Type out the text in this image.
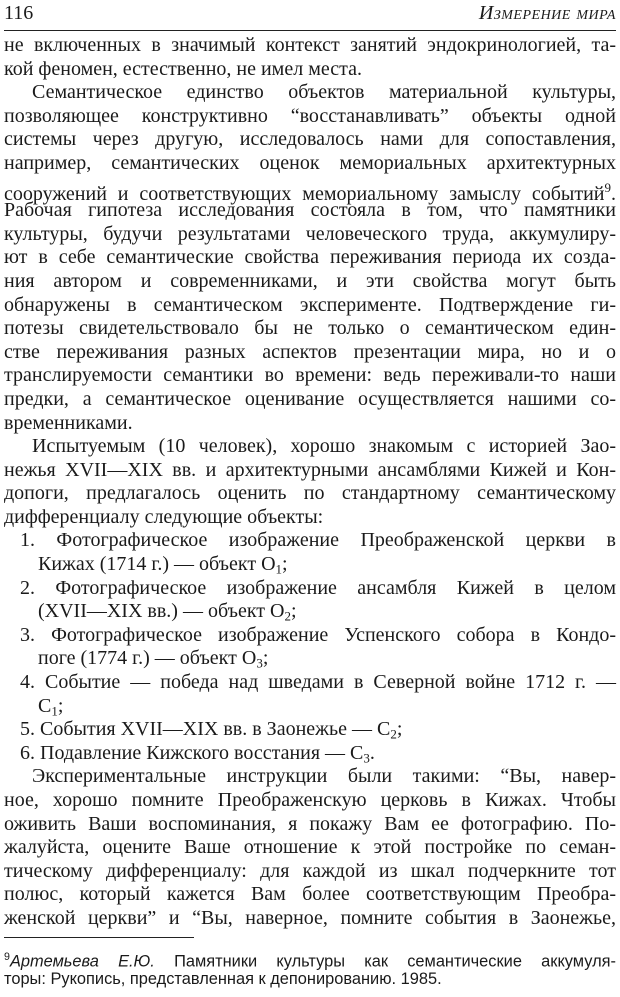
116	Измерение мира
не включенных в значимый контекст занятий эндокринологией, та-
кой феномен, естественно, не имел места.
Семантическое единство объектов материальной культуры,
позволяющее конструктивно “восстанавливать” объекты одной
системы через другую, исследовалось нами для сопоставления,
например, семантических оценок мемориальных архитектурных
сооружений и соответствующих мемориальному замыслу событий$^9$.
Рабочая гипотеза исследования состояла в том, что памятники
культуры, будучи результатами человеческого труда, аккумулиру-
ют в себе семантические свойства переживания периода их созда-
ния автором и современниками, и эти свойства могут быть
обнаружены в семантическом эксперименте. Подтверждение ги-
потезы свидетельствовало бы не только о семантическом един-
стве переживания разных аспектов презентации мира, но и о
транслируемости семантики во времени: ведь переживали-то наши
предки, а семантическое оценивание осуществляется нашими со-
временниками.
Испытуемым (10 человек), хорошо знакомым с историей Зао-
нежья XVII—XIX вв. и архитектурными ансамблями Кижей и Кон-
допоги, предлагалось оценить по стандартному семантическому
дифференциалу следующие объекты:
1. Фотографическое изображение Преображенской церкви в
Кижах (1714 г.) — объект $O_1$;
2. Фотографическое изображение ансамбля Кижей в целом
(XVII—XIX вв.) — объект $O_2$;
3. Фотографическое изображение Успенского собора в Кондо-
поге (1774 г.) — объект $O_3$;
4. Событие — победа над шведами в Северной войне 1712 г. —
$C_1$;
5. События XVII—XIX вв. в Заонежье — $C_2$;
6. Подавление Кижского восстания — $C_3$.
Экспериментальные инструкции были такими: “Вы, навер-
ное, хорошо помните Преображенскую церковь в Кижах. Чтобы
оживить Ваши воспоминания, я покажу Вам ее фотографию. По-
жалуйста, оцените Ваше отношение к этой постройке по семан-
тическому дифференциалу: для каждой из шкал подчеркните тот
полюс, который кажется Вам более соответствующим Преобра-
женской церкви” и “Вы, наверное, помните события в Заонежье,
$^9$Артемьева Е.Ю. Памятники культуры как семантические аккумуля-
торы: Рукопись, представленная к депонированию. 1985.
